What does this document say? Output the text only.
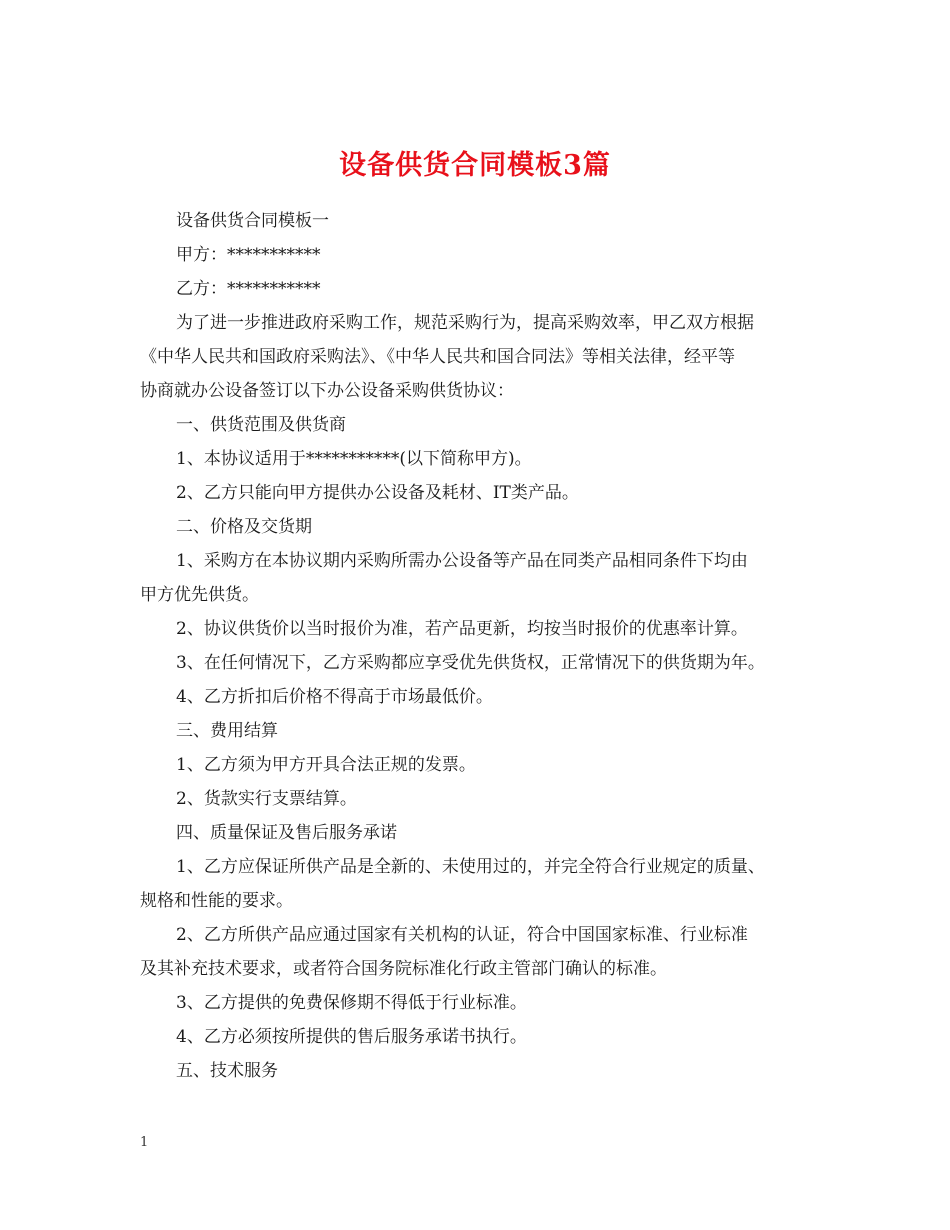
设备供货合同模板3篇

设备供货合同模板一

甲方：***********

乙方：***********

为了进一步推进政府采购工作，规范采购行为，提高采购效率，甲乙双方根据

《中华人民共和国政府采购法》、《中华人民共和国合同法》等相关法律，经平等

协商就办公设备签订以下办公设备采购供货协议：

一、供货范围及供货商

1、本协议适用于***********(以下简称甲方)。

2、乙方只能向甲方提供办公设备及耗材、IT类产品。

二、价格及交货期

1、采购方在本协议期内采购所需办公设备等产品在同类产品相同条件下均由

甲方优先供货。

2、协议供货价以当时报价为准，若产品更新，均按当时报价的优惠率计算。

3、在任何情况下，乙方采购都应享受优先供货权，正常情况下的供货期为年。

4、乙方折扣后价格不得高于市场最低价。

三、费用结算

1、乙方须为甲方开具合法正规的发票。

2、货款实行支票结算。

四、质量保证及售后服务承诺

1、乙方应保证所供产品是全新的、未使用过的，并完全符合行业规定的质量、

规格和性能的要求。

2、乙方所供产品应通过国家有关机构的认证，符合中国国家标准、行业标准

及其补充技术要求，或者符合国务院标准化行政主管部门确认的标准。

3、乙方提供的免费保修期不得低于行业标准。

4、乙方必须按所提供的售后服务承诺书执行。

五、技术服务

1
